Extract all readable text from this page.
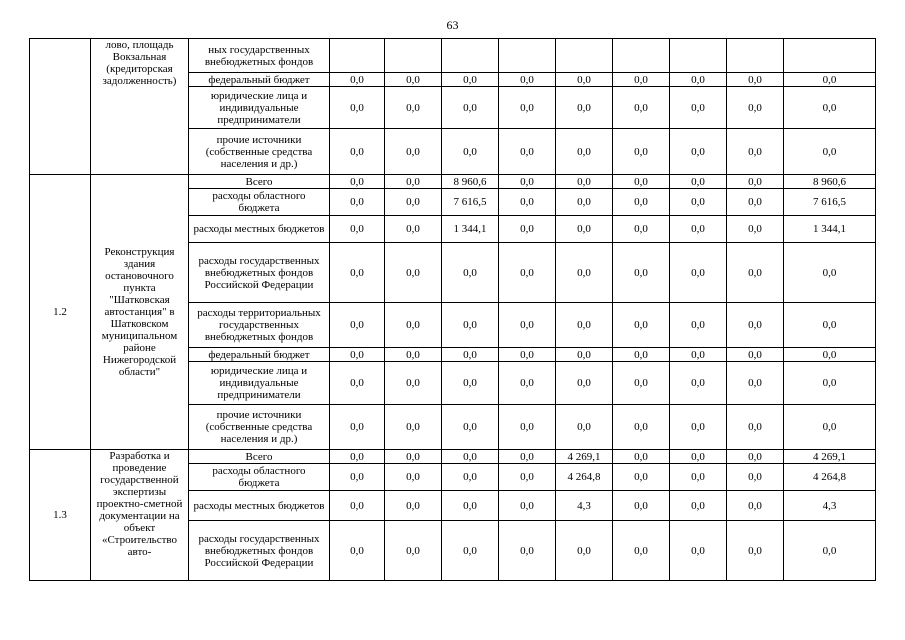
63
	лово, площадь Вокзальная (кредиторская задолженность)	ных государственных внебюджетных фондов									
		федеральный бюджет	0,0	0,0	0,0	0,0	0,0	0,0	0,0	0,0	0,0
		юридические лица и индивидуальные предприниматели	0,0	0,0	0,0	0,0	0,0	0,0	0,0	0,0	0,0
		прочие источники (собственные средства населения и др.)	0,0	0,0	0,0	0,0	0,0	0,0	0,0	0,0	0,0
1.2	Реконструкция здания остановочного пункта "Шатковская автостанция" в Шатковском муниципальном районе Нижегородской области"	Всего	0,0	0,0	8 960,6	0,0	0,0	0,0	0,0	0,0	8 960,6
		расходы областного бюджета	0,0	0,0	7 616,5	0,0	0,0	0,0	0,0	0,0	7 616,5
		расходы местных бюджетов	0,0	0,0	1 344,1	0,0	0,0	0,0	0,0	0,0	1 344,1
		расходы государственных внебюджетных фондов Российской Федерации	0,0	0,0	0,0	0,0	0,0	0,0	0,0	0,0	0,0
		расходы территориальных государственных внебюджетных фондов	0,0	0,0	0,0	0,0	0,0	0,0	0,0	0,0	0,0
		федеральный бюджет	0,0	0,0	0,0	0,0	0,0	0,0	0,0	0,0	0,0
		юридические лица и индивидуальные предприниматели	0,0	0,0	0,0	0,0	0,0	0,0	0,0	0,0	0,0
		прочие источники (собственные средства населения и др.)	0,0	0,0	0,0	0,0	0,0	0,0	0,0	0,0	0,0
1.3	Разработка и проведение государственной экспертизы проектно-сметной документации на объект «Строительство авто-	Всего	0,0	0,0	0,0	0,0	4 269,1	0,0	0,0	0,0	4 269,1
		расходы областного бюджета	0,0	0,0	0,0	0,0	4 264,8	0,0	0,0	0,0	4 264,8
		расходы местных бюджетов	0,0	0,0	0,0	0,0	4,3	0,0	0,0	0,0	4,3
		расходы государственных внебюджетных фондов Российской Федерации	0,0	0,0	0,0	0,0	0,0	0,0	0,0	0,0	0,0
